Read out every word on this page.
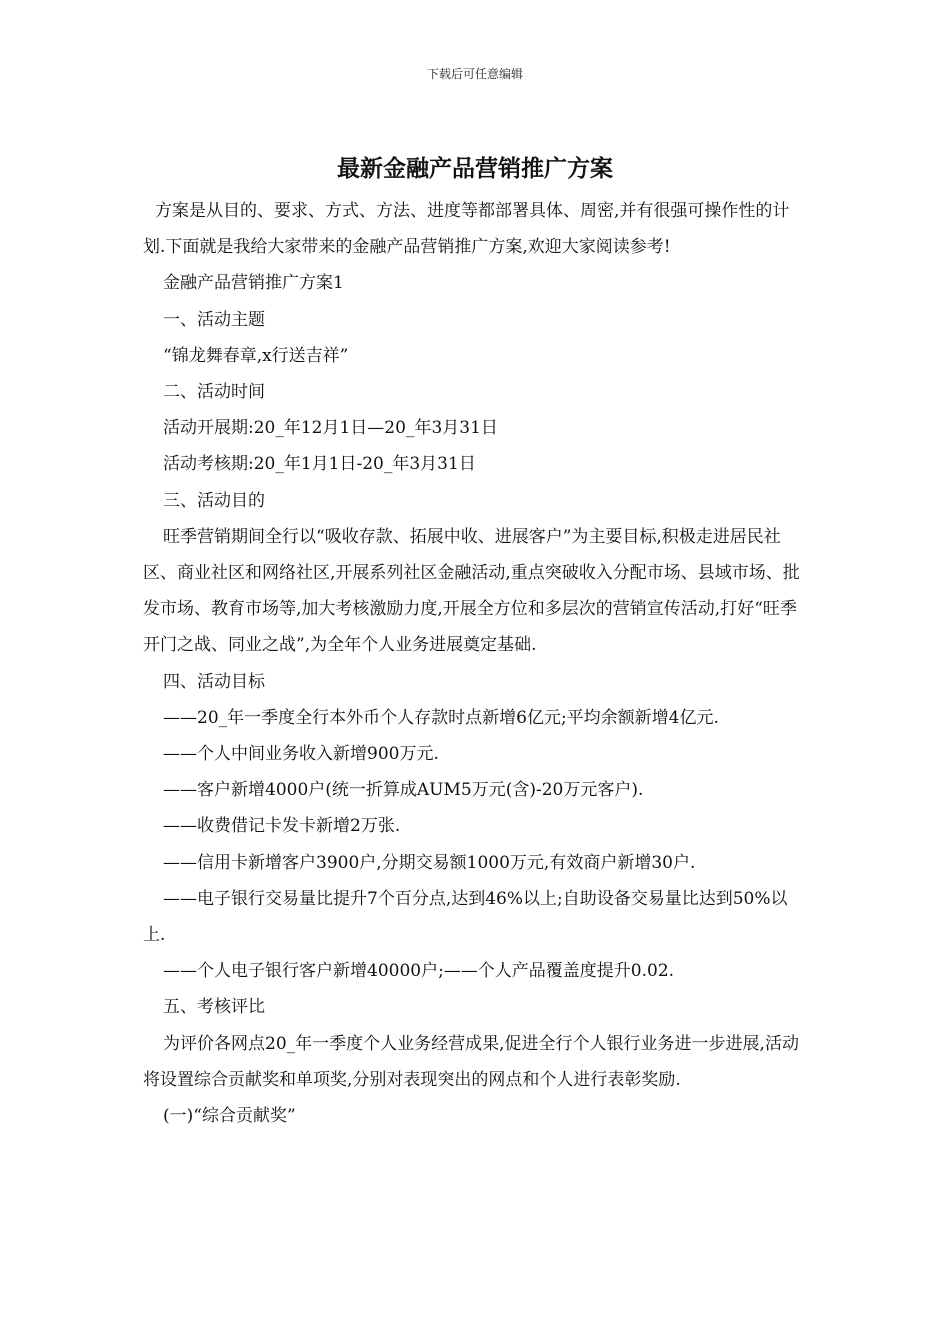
下载后可任意编辑
最新金融产品营销推广方案

方案是从目的、要求、方式、方法、进度等都部署具体、周密,并有很强可操作性的计划.下面就是我给大家带来的金融产品营销推广方案,欢迎大家阅读参考!

金融产品营销推广方案1

一、活动主题

“锦龙舞春章,x行送吉祥”

二、活动时间

活动开展期:20_年12月1日—20_年3月31日

活动考核期:20_年1月1日-20_年3月31日

三、活动目的

旺季营销期间全行以“吸收存款、拓展中收、进展客户”为主要目标,积极走进居民社区、商业社区和网络社区,开展系列社区金融活动,重点突破收入分配市场、县域市场、批发市场、教育市场等,加大考核激励力度,开展全方位和多层次的营销宣传活动,打好“旺季开门之战、同业之战”,为全年个人业务进展奠定基础.

四、活动目标

——20_年一季度全行本外币个人存款时点新增6亿元;平均余额新增4亿元.

——个人中间业务收入新增900万元.

——客户新增4000户(统一折算成AUM5万元(含)-20万元客户).

——收费借记卡发卡新增2万张.

——信用卡新增客户3900户,分期交易额1000万元,有效商户新增30户.

——电子银行交易量比提升7个百分点,达到46%以上;自助设备交易量比达到50%以上.

——个人电子银行客户新增40000户;——个人产品覆盖度提升0.02.

五、考核评比

为评价各网点20_年一季度个人业务经营成果,促进全行个人银行业务进一步进展,活动将设置综合贡献奖和单项奖,分别对表现突出的网点和个人进行表彰奖励.

(一)“综合贡献奖”
